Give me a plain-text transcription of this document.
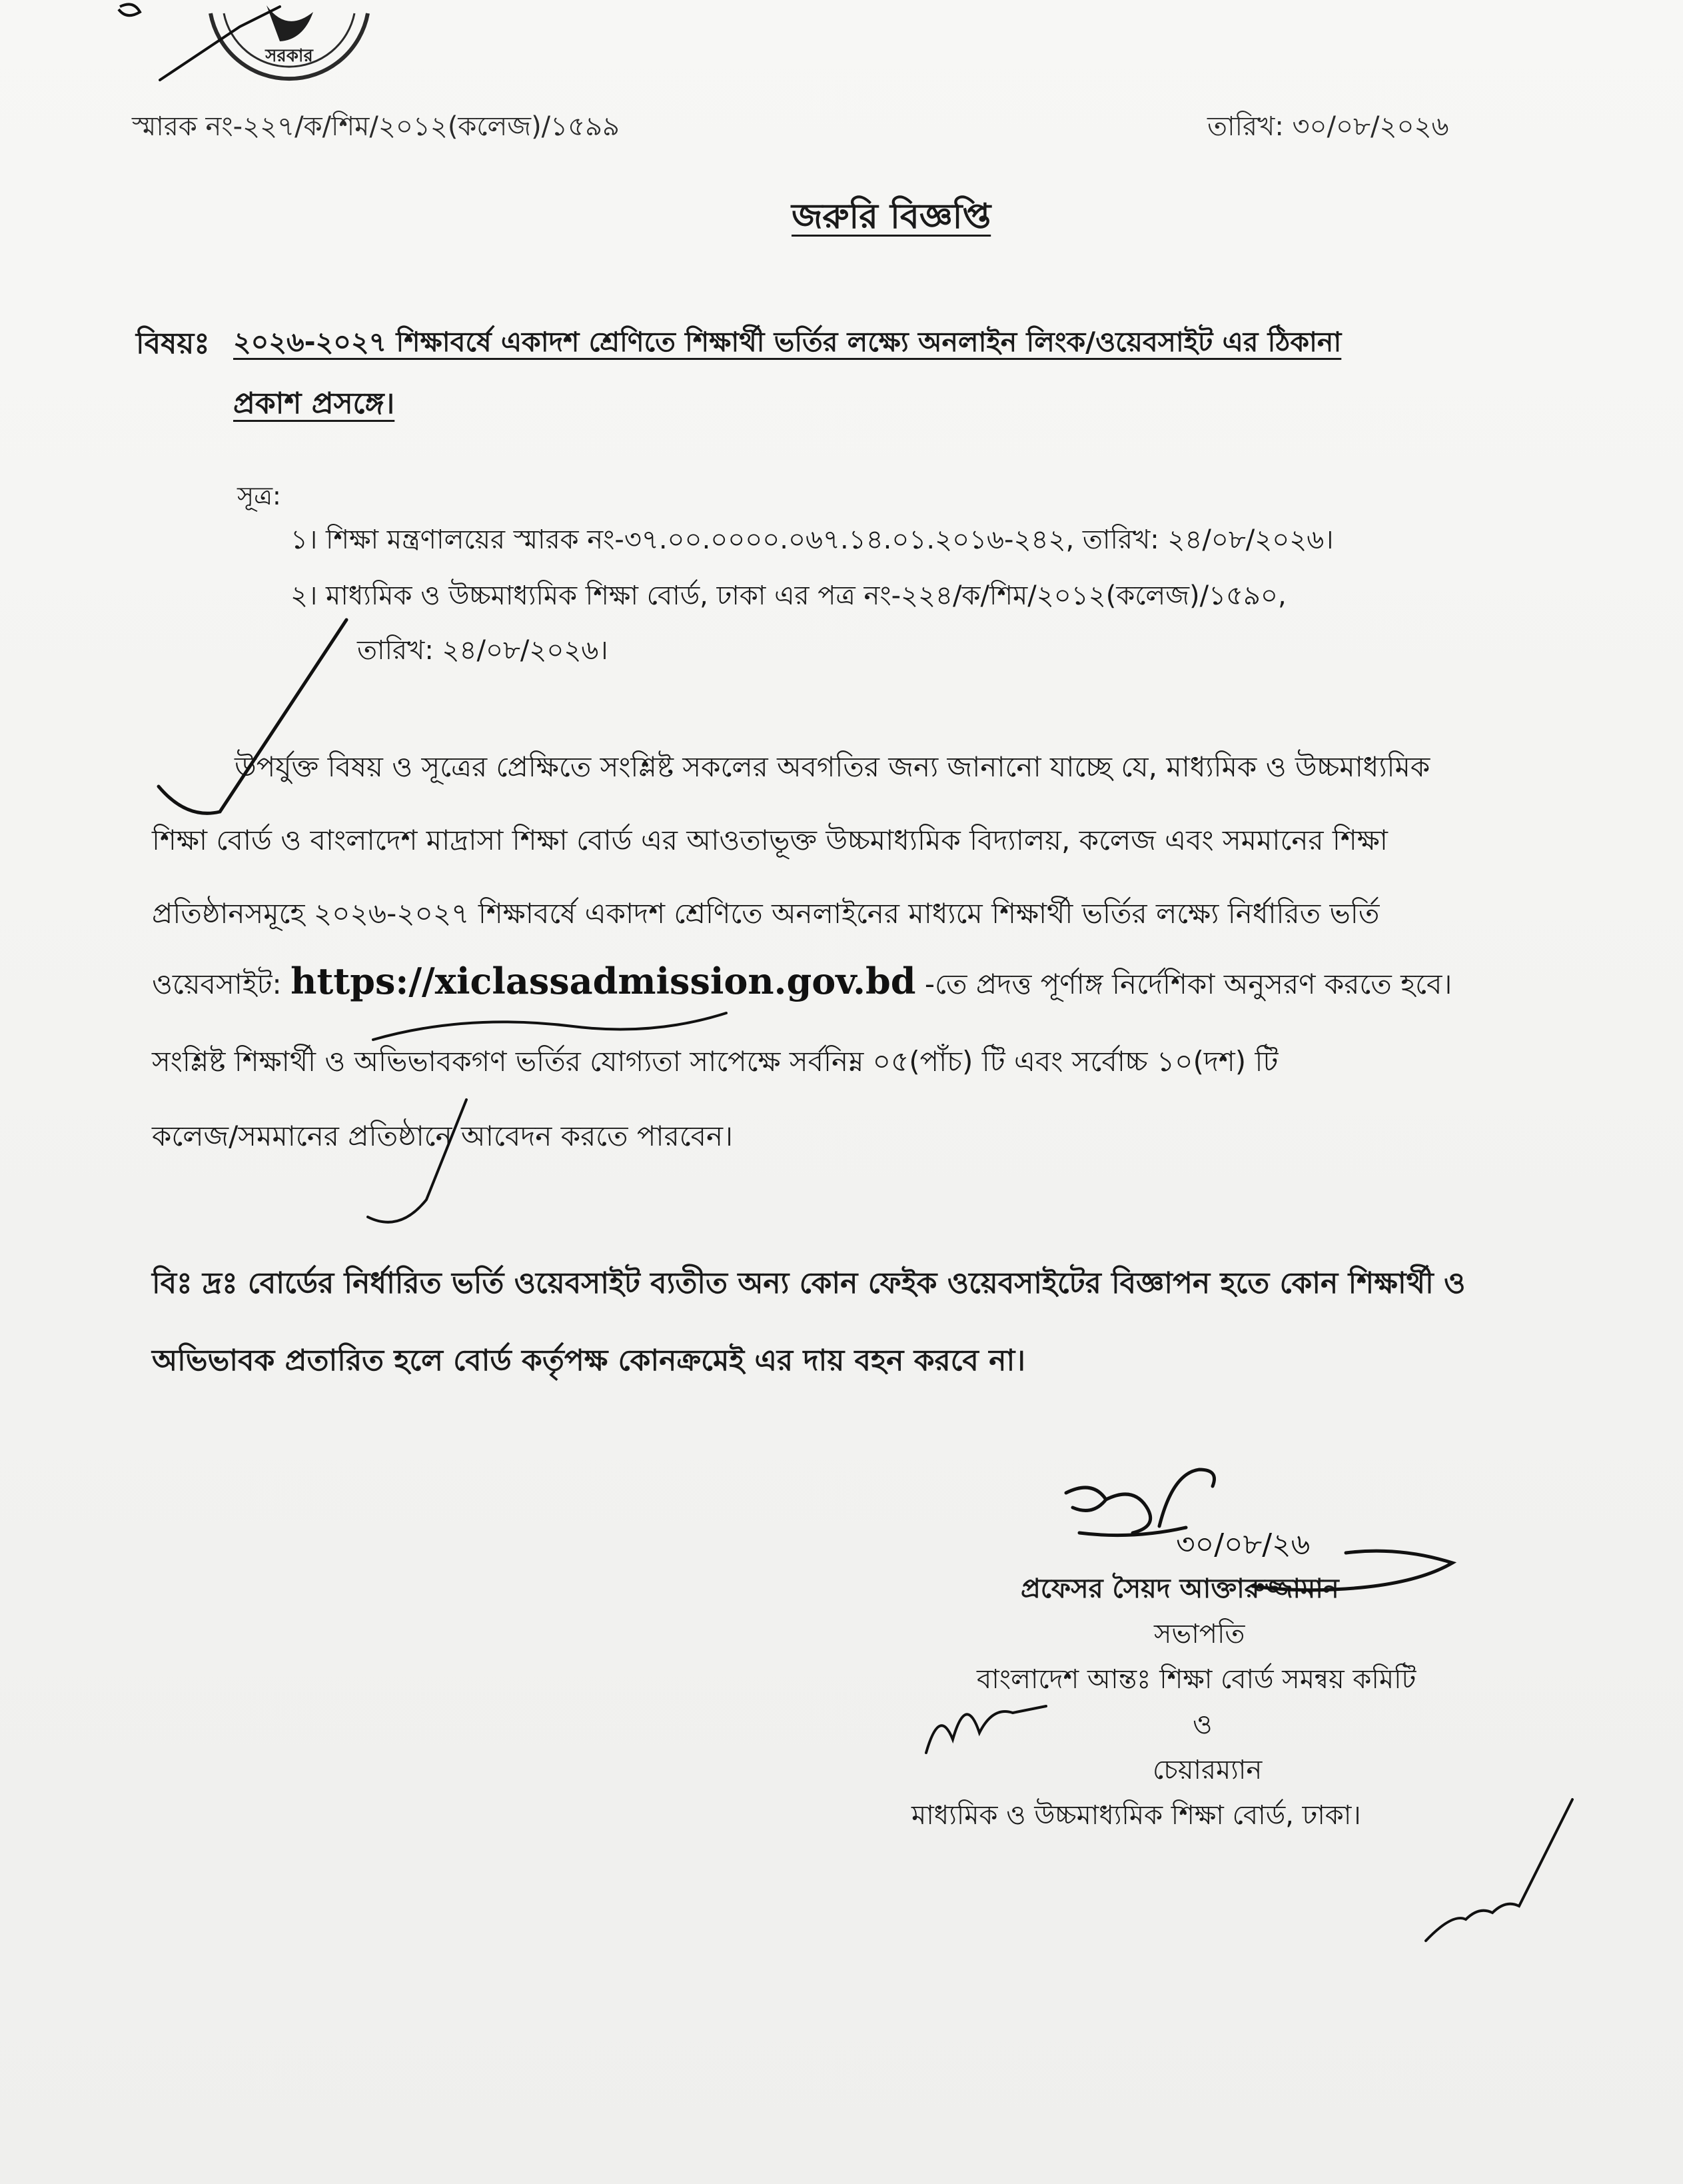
সরকার
স্মারক নং-২২৭/ক/শিম/২০১২(কলেজ)/১৫৯৯	তারিখ: ৩০/০৮/২০২৬
জরুরি বিজ্ঞপ্তি
বিষয়ঃ ২০২৬-২০২৭ শিক্ষাবর্ষে একাদশ শ্রেণিতে শিক্ষার্থী ভর্তির লক্ষ্যে অনলাইন লিংক/ওয়েবসাইট এর ঠিকানা
প্রকাশ প্রসঙ্গে।
সূত্র:
১। শিক্ষা মন্ত্রণালয়ের স্মারক নং-৩৭.০০.০০০০.০৬৭.১৪.০১.২০১৬-২৪২, তারিখ: ২৪/০৮/২০২৬।
২। মাধ্যমিক ও উচ্চমাধ্যমিক শিক্ষা বোর্ড, ঢাকা এর পত্র নং-২২৪/ক/শিম/২০১২(কলেজ)/১৫৯০,
তারিখ: ২৪/০৮/২০২৬।
উপর্যুক্ত বিষয় ও সূত্রের প্রেক্ষিতে সংশ্লিষ্ট সকলের অবগতির জন্য জানানো যাচ্ছে যে, মাধ্যমিক ও উচ্চমাধ্যমিক
শিক্ষা বোর্ড ও বাংলাদেশ মাদ্রাসা শিক্ষা বোর্ড এর আওতাভূক্ত উচ্চমাধ্যমিক বিদ্যালয়, কলেজ এবং সমমানের শিক্ষা
প্রতিষ্ঠানসমূহে ২০২৬-২০২৭ শিক্ষাবর্ষে একাদশ শ্রেণিতে অনলাইনের মাধ্যমে শিক্ষার্থী ভর্তির লক্ষ্যে নির্ধারিত ভর্তি
ওয়েবসাইট: https://xiclassadmission.gov.bd -তে প্রদত্ত পূর্ণাঙ্গ নির্দেশিকা অনুসরণ করতে হবে।
সংশ্লিষ্ট শিক্ষার্থী ও অভিভাবকগণ ভর্তির যোগ্যতা সাপেক্ষে সর্বনিম্ন ০৫(পাঁচ) টি এবং সর্বোচ্চ ১০(দশ) টি
কলেজ/সমমানের প্রতিষ্ঠানে আবেদন করতে পারবেন।
বিঃ দ্রঃ বোর্ডের নির্ধারিত ভর্তি ওয়েবসাইট ব্যতীত অন্য কোন ফেইক ওয়েবসাইটের বিজ্ঞাপন হতে কোন শিক্ষার্থী ও
অভিভাবক প্রতারিত হলে বোর্ড কর্তৃপক্ষ কোনক্রমেই এর দায় বহন করবে না।
প্রফেসর সৈয়দ আক্তারুজ্জামান
সভাপতি
বাংলাদেশ আন্তঃ শিক্ষা বোর্ড সমন্বয় কমিটি
ও
চেয়ারম্যান
মাধ্যমিক ও উচ্চমাধ্যমিক শিক্ষা বোর্ড, ঢাকা।
৩০/০৮/২৬
